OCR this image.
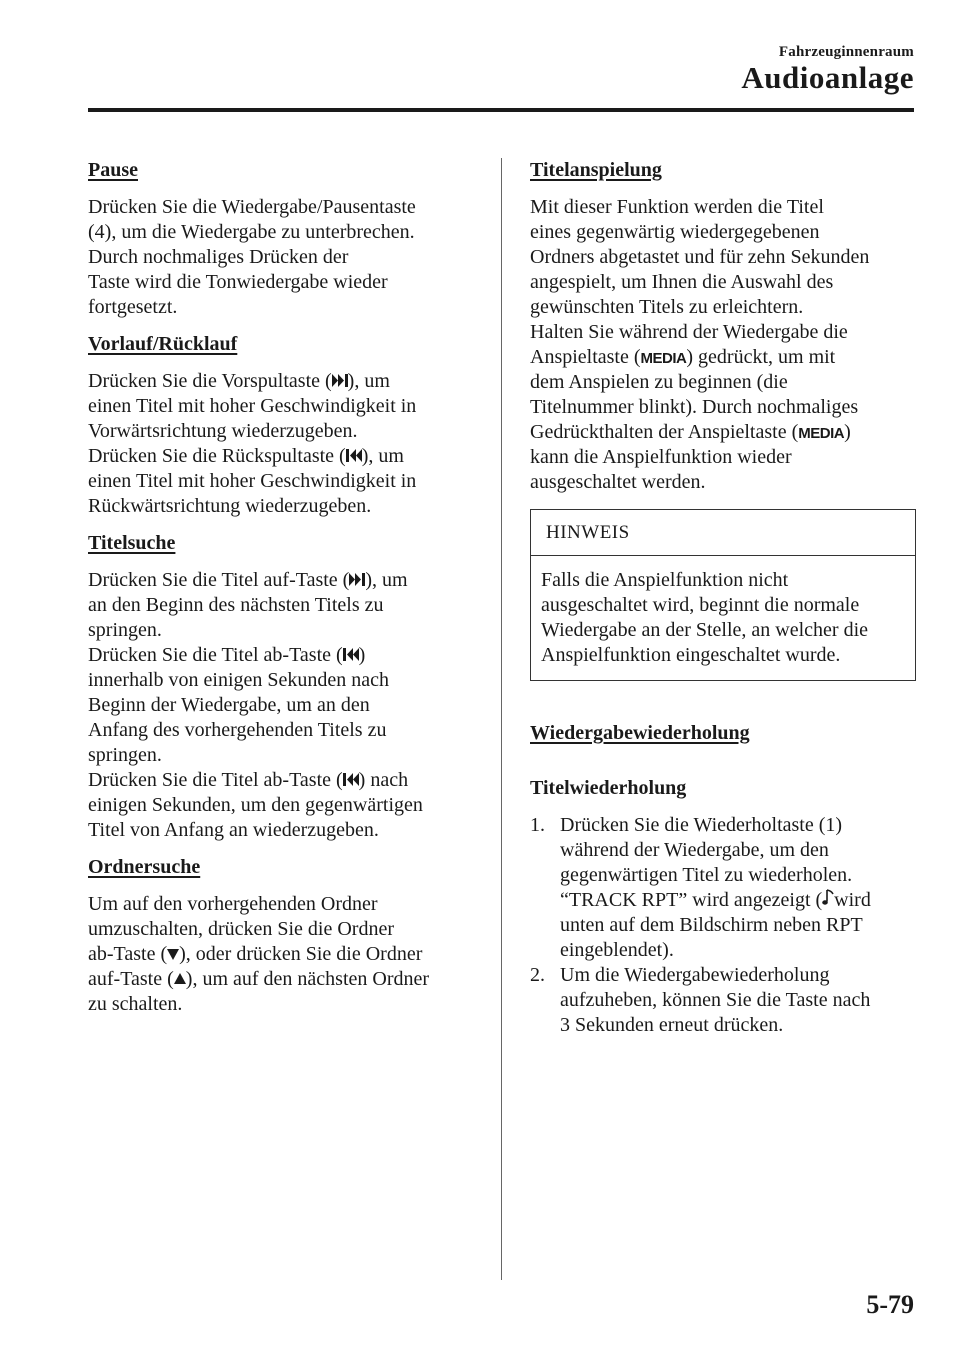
Fahrzeuginnenraum
Audioanlage
Pause
Drücken Sie die Wiedergabe/Pausentaste
(4), um die Wiedergabe zu unterbrechen.
Durch nochmaliges Drücken der
Taste wird die Tonwiedergabe wieder
fortgesetzt.
Vorlauf/Rücklauf
Drücken Sie die Vorspultaste ( ), um
einen Titel mit hoher Geschwindigkeit in
Vorwärtsrichtung wiederzugeben.
Drücken Sie die Rückspultaste ( ), um
einen Titel mit hoher Geschwindigkeit in
Rückwärtsrichtung wiederzugeben.
Titelsuche
Drücken Sie die Titel auf-Taste ( ), um
an den Beginn des nächsten Titels zu
springen.
Drücken Sie die Titel ab-Taste ( )
innerhalb von einigen Sekunden nach
Beginn der Wiedergabe, um an den
Anfang des vorhergehenden Titels zu
springen.
Drücken Sie die Titel ab-Taste ( ) nach
einigen Sekunden, um den gegenwärtigen
Titel von Anfang an wiederzugeben.
Ordnersuche
Um auf den vorhergehenden Ordner
umzuschalten, drücken Sie die Ordner
ab-Taste ( ), oder drücken Sie die Ordner
auf-Taste ( ), um auf den nächsten Ordner
zu schalten.
Titelanspielung
Mit dieser Funktion werden die Titel
eines gegenwärtig wiedergegebenen
Ordners abgetastet und für zehn Sekunden
angespielt, um Ihnen die Auswahl des
gewünschten Titels zu erleichtern.
Halten Sie während der Wiedergabe die
Anspieltaste (MEDIA) gedrückt, um mit
dem Anspielen zu beginnen (die
Titelnummer blinkt). Durch nochmaliges
Gedrückthalten der Anspieltaste (MEDIA)
kann die Anspielfunktion wieder
ausgeschaltet werden.
HINWEIS
Falls die Anspielfunktion nicht
ausgeschaltet wird, beginnt die normale
Wiedergabe an der Stelle, an welcher die
Anspielfunktion eingeschaltet wurde.
Wiedergabewiederholung
Titelwiederholung
1. Drücken Sie die Wiederholtaste (1)
während der Wiedergabe, um den
gegenwärtigen Titel zu wiederholen.
“TRACK RPT” wird angezeigt ( wird
unten auf dem Bildschirm neben RPT
eingeblendet).
2. Um die Wiedergabewiederholung
aufzuheben, können Sie die Taste nach
3 Sekunden erneut drücken.
5-79
